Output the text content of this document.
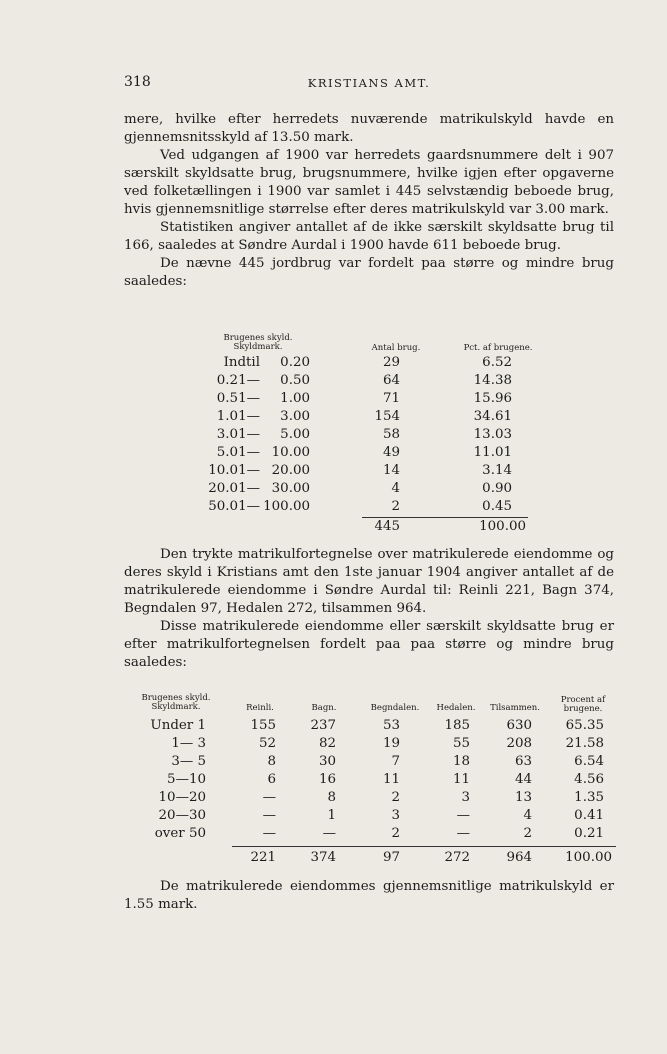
318	KRISTIANS AMT.

mere, hvilke efter herredets nuværende matrikulskyld havde en gjennemsnitsskyld af 13.50 mark.

Ved udgangen af 1900 var herredets gaardsnummere delt i 907 særskilt skyldsatte brug, brugsnummere, hvilke igjen efter opgaverne ved folketællingen i 1900 var samlet i 445 selvstændig beboede brug, hvis gjennemsnitlige størrelse efter deres matrikulskyld var 3.00 mark.

Statistiken angiver antallet af de ikke særskilt skyldsatte brug til 166, saaledes at Søndre Aurdal i 1900 havde 611 beboede brug.

De nævne 445 jordbrug var fordelt paa større og mindre brug saaledes:

Brugenes skyld. Skyldmark.	Antal brug.	Pct. af brugene.
Indtil 0.20	29	6.52
0.21— 0.50	64	14.38
0.51— 1.00	71	15.96
1.01— 3.00	154	34.61
3.01— 5.00	58	13.03
5.01— 10.00	49	11.01
10.01— 20.00	14	3.14
20.01— 30.00	4	0.90
50.01— 100.00	2	0.45
445	100.00

Den trykte matrikulfortegnelse over matrikulerede eiendomme og deres skyld i Kristians amt den 1ste januar 1904 angiver antallet af de matrikulerede eiendomme i Søndre Aurdal til: Reinli 221, Bagn 374, Begndalen 97, Hedalen 272, tilsammen 964.

Disse matrikulerede eiendomme eller særskilt skyldsatte brug er efter matrikulfortegnelsen fordelt paa paa større og mindre brug saaledes:

Brugenes skyld. Skyldmark.	Reinli.	Bagn.	Begndalen.	Hedalen.	Tilsammen.
Procent af brugene.
Under 1	155	237	53	185	630	65.35
1— 3	52	82	19	55	208	21.58
3— 5	8	30	7	18	63	6.54
5—10	6	16	11	11	44	4.56
10—20	—	8	2	3	13	1.35
20—30	—	1	3	—	4	0.41
over 50	—	—	2	—	2	0.21
221	374	97	272	964 100.00

De matrikulerede eiendommes gjennemsnitlige matrikulskyld er 1.55 mark.
